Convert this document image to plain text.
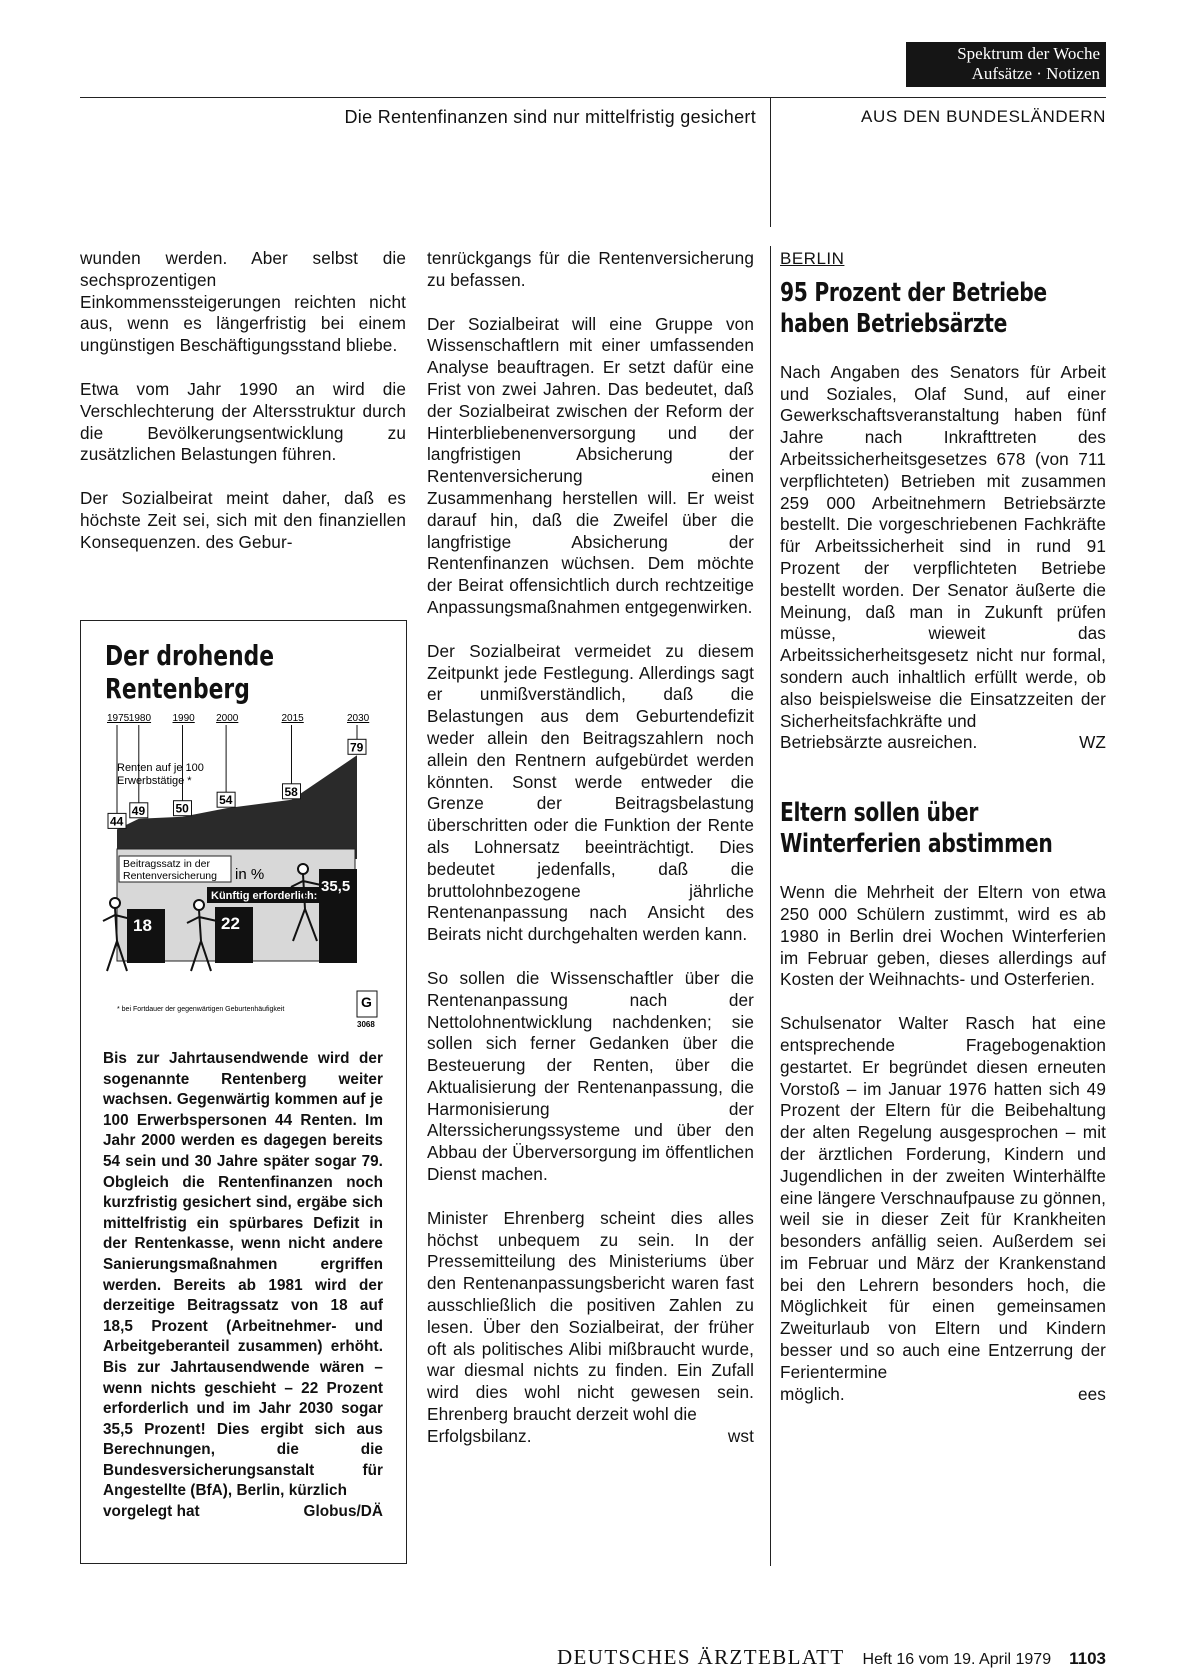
Spektrum der Woche
Aufsätze · Notizen
Die Rentenfinanzen sind nur mittelfristig gesichert	AUS DEN BUNDESLÄNDERN

wunden werden. Aber selbst die sechsprozentigen Einkommenssteigerungen reichten nicht aus, wenn es längerfristig bei einem ungünstigen Beschäftigungsstand bliebe.

Etwa vom Jahr 1990 an wird die Verschlechterung der Altersstruktur durch die Bevölkerungsentwicklung zu zusätzlichen Belastungen führen.

Der Sozialbeirat meint daher, daß es höchste Zeit sei, sich mit den finanziellen Konsequenzen. des Gebur-

Der drohende
Rentenberg
1975 1980 1990 2000	2015	2030
44
49	50
54
58
79
Renten auf je 100
Erwerbstätige *
Beitragssatz in der
Rentenversicherung in %
Künftig erforderlich:
18	22
35,5
* bei Fortdauer der gegenwärtigen Geburtenhäufigkeit	G
3068
Bis zur Jahrtausendwende wird der sogenannte Rentenberg weiter wachsen. Gegenwärtig kommen auf je 100 Erwerbspersonen 44 Renten. Im Jahr 2000 werden es dagegen bereits 54 sein und 30 Jahre später sogar 79. Obgleich die Rentenfinanzen noch kurzfristig gesichert sind, ergäbe sich mittelfristig ein spürbares Defizit in der Rentenkasse, wenn nicht andere Sanierungsmaßnahmen ergriffen werden. Bereits ab 1981 wird der derzeitige Beitragssatz von 18 auf 18,5 Prozent (Arbeitnehmer- und Arbeitgeberanteil zusammen) erhöht. Bis zur Jahrtausendwende wären – wenn nichts geschieht – 22 Prozent erforderlich und im Jahr 2030 sogar 35,5 Prozent! Dies ergibt sich aus Berechnungen, die die Bundesversicherungsanstalt für Angestellte (BfA), Berlin, kürzlich
vorgelegt hat	Globus/DÄ

tenrückgangs für die Rentenversicherung zu befassen.

Der Sozialbeirat will eine Gruppe von Wissenschaftlern mit einer umfassenden Analyse beauftragen. Er setzt dafür eine Frist von zwei Jahren. Das bedeutet, daß der Sozialbeirat zwischen der Reform der Hinterbliebenenversorgung und der langfristigen Absicherung der Rentenversicherung einen Zusammenhang herstellen will. Er weist darauf hin, daß die Zweifel über die langfristige Absicherung der Rentenfinanzen wüchsen. Dem möchte der Beirat offensichtlich durch rechtzeitige Anpassungsmaßnahmen entgegenwirken.

Der Sozialbeirat vermeidet zu diesem Zeitpunkt jede Festlegung. Allerdings sagt er unmißverständlich, daß die Belastungen aus dem Geburtendefizit weder allein den Beitragszahlern noch allein den Rentnern aufgebürdet werden könnten. Sonst werde entweder die Grenze der Beitragsbelastung überschritten oder die Funktion der Rente als Lohnersatz beeinträchtigt. Dies bedeutet jedenfalls, daß die bruttolohnbezogene jährliche Rentenanpassung nach Ansicht des Beirats nicht durchgehalten werden kann.

So sollen die Wissenschaftler über die Rentenanpassung nach der Nettolohnentwicklung nachdenken; sie sollen sich ferner Gedanken über die Besteuerung der Renten, über die Aktualisierung der Rentenanpassung, die Harmonisierung der Alterssicherungssysteme und über den Abbau der Überversorgung im öffentlichen Dienst machen.

Minister Ehrenberg scheint dies alles höchst unbequem zu sein. In der Pressemitteilung des Ministeriums über den Rentenanpassungsbericht waren fast ausschließlich die positiven Zahlen zu lesen. Über den Sozialbeirat, der früher oft als politisches Alibi mißbraucht wurde, war diesmal nichts zu finden. Ein Zufall wird dies wohl nicht gewesen sein. Ehrenberg braucht derzeit wohl die
Erfolgsbilanz.	wst

BERLIN
95 Prozent der Betriebe haben Betriebsärzte

Nach Angaben des Senators für Arbeit und Soziales, Olaf Sund, auf einer Gewerkschaftsveranstaltung haben fünf Jahre nach Inkrafttreten des Arbeitssicherheitsgesetzes 678 (von 711 verpflichteten) Betrieben mit zusammen 259 000 Arbeitnehmern Betriebsärzte bestellt. Die vorgeschriebenen Fachkräfte für Arbeitssicherheit sind in rund 91 Prozent der verpflichteten Betriebe bestellt worden. Der Senator äußerte die Meinung, daß man in Zukunft prüfen müsse, wieweit das Arbeitssicherheitsgesetz nicht nur formal, sondern auch inhaltlich erfüllt werde, ob also beispielsweise die Einsatzzeiten der Sicherheitsfachkräfte und
Betriebsärzte ausreichen.	WZ

Eltern sollen über Winterferien abstimmen

Wenn die Mehrheit der Eltern von etwa 250 000 Schülern zustimmt, wird es ab 1980 in Berlin drei Wochen Winterferien im Februar geben, dieses allerdings auf Kosten der Weihnachts- und Osterferien.

Schulsenator Walter Rasch hat eine entsprechende Fragebogenaktion gestartet. Er begründet diesen erneuten Vorstoß – im Januar 1976 hatten sich 49 Prozent der Eltern für die Beibehaltung der alten Regelung ausgesprochen – mit der ärztlichen Forderung, Kindern und Jugendlichen in der zweiten Winterhälfte eine längere Verschnaufpause zu gönnen, weil sie in dieser Zeit für Krankheiten besonders anfällig seien. Außerdem sei im Februar und März der Krankenstand bei den Lehrern besonders hoch, die Möglichkeit für einen gemeinsamen Zweiturlaub von Eltern und Kindern besser und so auch eine Entzerrung der Ferientermine
möglich.	ees

DEUTSCHES ÄRZTEBLATT Heft 16 vom 19. April 1979 1103
